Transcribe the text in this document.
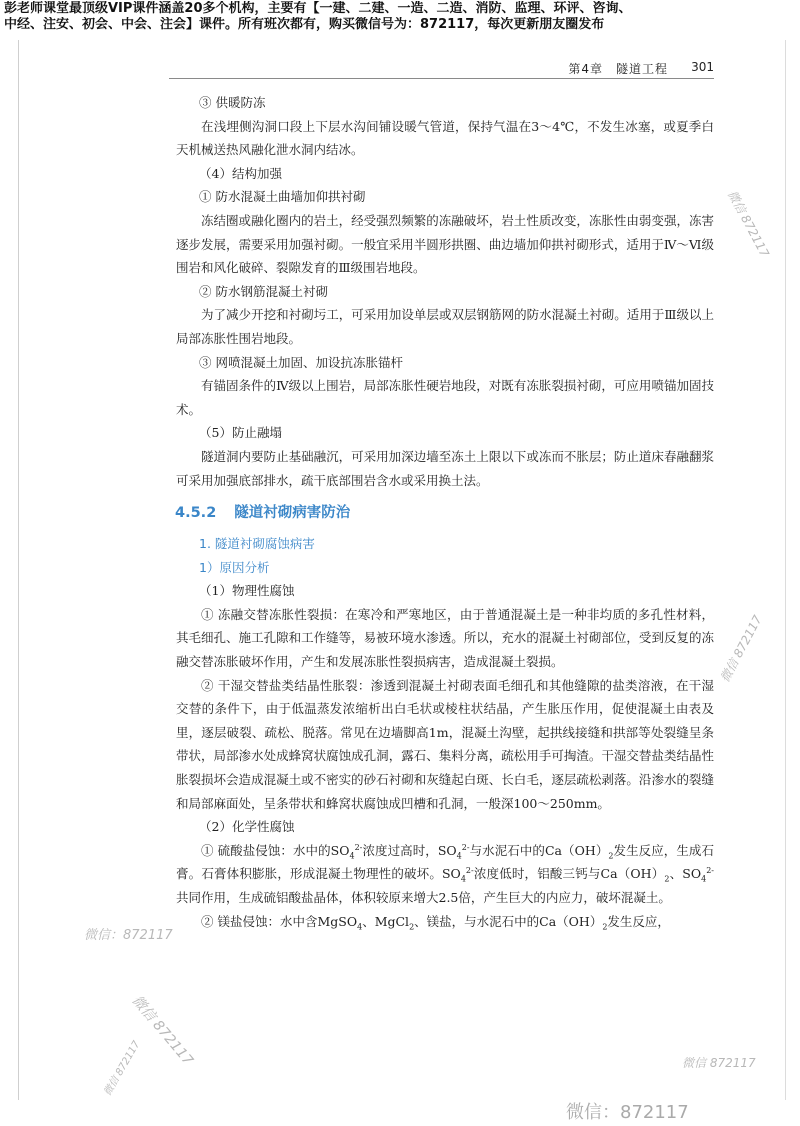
彭老师课堂最顶级VIP课件涵盖20多个机构，主要有【一建、二建、一造、二造、消防、监理、环评、咨询、
中经、注安、初会、中会、注会】课件。所有班次都有，购买微信号为：872117，每次更新朋友圈发布
第4章　隧道工程 301

③ 供暖防冻

在浅埋侧沟洞口段上下层水沟间铺设暖气管道，保持气温在3～4℃，不发生冰塞，或夏季白天机械送热风融化泄水洞内结冰。

（4）结构加强

① 防水混凝土曲墙加仰拱衬砌

冻结圈或融化圈内的岩土，经受强烈频繁的冻融破坏，岩土性质改变，冻胀性由弱变强，冻害逐步发展，需要采用加强衬砌。一般宜采用半圆形拱圈、曲边墙加仰拱衬砌形式，适用于Ⅳ～Ⅵ级围岩和风化破碎、裂隙发育的Ⅲ级围岩地段。

② 防水钢筋混凝土衬砌

为了减少开挖和衬砌圬工，可采用加设单层或双层钢筋网的防水混凝土衬砌。适用于Ⅲ级以上局部冻胀性围岩地段。

③ 网喷混凝土加固、加设抗冻胀锚杆

有锚固条件的Ⅳ级以上围岩，局部冻胀性硬岩地段，对既有冻胀裂损衬砌，可应用喷锚加固技术。

（5）防止融塌

隧道洞内要防止基础融沉，可采用加深边墙至冻土上限以下或冻而不胀层；防止道床春融翻浆可采用加强底部排水，疏干底部围岩含水或采用换土法。

4.5.2 隧道衬砌病害防治

1. 隧道衬砌腐蚀病害

1）原因分析

（1）物理性腐蚀

① 冻融交替冻胀性裂损：在寒冷和严寒地区，由于普通混凝土是一种非均质的多孔性材料，其毛细孔、施工孔隙和工作缝等，易被环境水渗透。所以，充水的混凝土衬砌部位，受到反复的冻融交替冻胀破坏作用，产生和发展冻胀性裂损病害，造成混凝土裂损。

② 干湿交替盐类结晶性胀裂：渗透到混凝土衬砌表面毛细孔和其他缝隙的盐类溶液，在干湿交替的条件下，由于低温蒸发浓缩析出白毛状或棱柱状结晶，产生胀压作用，促使混凝土由表及里，逐层破裂、疏松、脱落。常见在边墙脚高1m，混凝土沟壁，起拱线接缝和拱部等处裂缝呈条带状，局部渗水处成蜂窝状腐蚀成孔洞，露石、集料分离，疏松用手可掏渣。干湿交替盐类结晶性胀裂损坏会造成混凝土或不密实的砂石衬砌和灰缝起白斑、长白毛，逐层疏松剥落。沿渗水的裂缝和局部麻面处，呈条带状和蜂窝状腐蚀成凹槽和孔洞，一般深100～250mm。

（2）化学性腐蚀

① 硫酸盐侵蚀：水中的$SO_4^{2-}$浓度过高时，$SO_4^{2-}$与水泥石中的$Ca(OH)_2$发生反应，生成石膏。石膏体积膨胀，形成混凝土物理性的破坏。$SO_4^{2-}$浓度低时，铝酸三钙与$Ca(OH)_2$、$SO_4^{2-}$共同作用，生成硫铝酸盐晶体，体积较原来增大2.5倍，产生巨大的内应力，破坏混凝土。

② 镁盐侵蚀：水中含MgSO$_4$、MgCl$_2$、镁盐，与水泥石中的$Ca(OH)_2$发生反应，

微信 872117
微信 872117
微信：872117
微信 872117
微信 872117	微信 872117
微信：872117
